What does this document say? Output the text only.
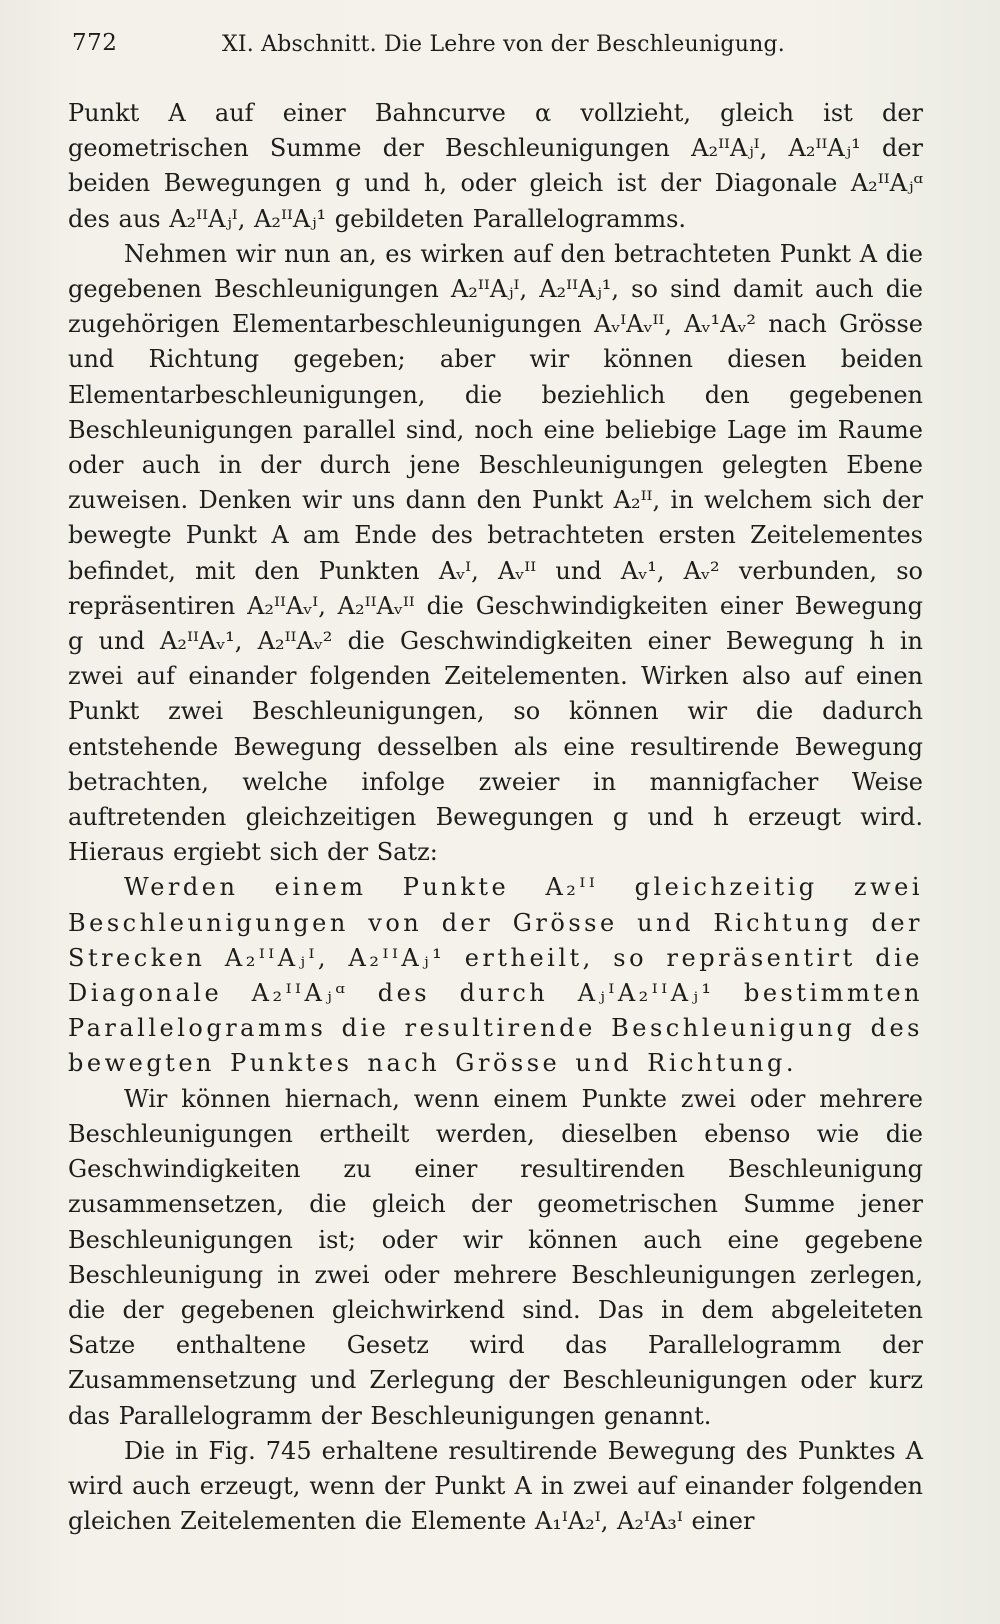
772	XI. Abschnitt. Die Lehre von der Beschleunigung.

Punkt A auf einer Bahncurve α vollzieht, gleich ist der geometrischen Summe der Beschleunigungen A₂ᴵᴵAⱼᴵ, A₂ᴵᴵAⱼ¹ der beiden Bewegungen g und h, oder gleich ist der Diagonale A₂ᴵᴵAⱼᵅ des aus A₂ᴵᴵAⱼᴵ, A₂ᴵᴵAⱼ¹ gebildeten Parallelogramms.

Nehmen wir nun an, es wirken auf den betrachteten Punkt A die gegebenen Beschleunigungen A₂ᴵᴵAⱼᴵ, A₂ᴵᴵAⱼ¹, so sind damit auch die zugehörigen Elementarbeschleunigungen AᵥᴵAᵥᴵᴵ, Aᵥ¹Aᵥ² nach Grösse und Richtung gegeben; aber wir können diesen beiden Elementarbeschleunigungen, die beziehlich den gegebenen Beschleunigungen parallel sind, noch eine beliebige Lage im Raume oder auch in der durch jene Beschleunigungen gelegten Ebene zuweisen. Denken wir uns dann den Punkt A₂ᴵᴵ, in welchem sich der bewegte Punkt A am Ende des betrachteten ersten Zeitelementes befindet, mit den Punkten Aᵥᴵ, Aᵥᴵᴵ und Aᵥ¹, Aᵥ² verbunden, so repräsentiren A₂ᴵᴵAᵥᴵ, A₂ᴵᴵAᵥᴵᴵ die Geschwindigkeiten einer Bewegung g und A₂ᴵᴵAᵥ¹, A₂ᴵᴵAᵥ² die Geschwindigkeiten einer Bewegung h in zwei auf einander folgenden Zeitelementen. Wirken also auf einen Punkt zwei Beschleunigungen, so können wir die dadurch entstehende Bewegung desselben als eine resultirende Bewegung betrachten, welche infolge zweier in mannigfacher Weise auftretenden gleichzeitigen Bewegungen g und h erzeugt wird. Hieraus ergiebt sich der Satz:

Werden einem Punkte A₂ᴵᴵ gleichzeitig zwei Beschleunigungen von der Grösse und Richtung der Strecken A₂ᴵᴵAⱼᴵ, A₂ᴵᴵAⱼ¹ ertheilt, so repräsentirt die Diagonale A₂ᴵᴵAⱼᵅ des durch AⱼᴵA₂ᴵᴵAⱼ¹ bestimmten Parallelogramms die resultirende Beschleunigung des bewegten Punktes nach Grösse und Richtung.

Wir können hiernach, wenn einem Punkte zwei oder mehrere Beschleunigungen ertheilt werden, dieselben ebenso wie die Geschwindigkeiten zu einer resultirenden Beschleunigung zusammensetzen, die gleich der geometrischen Summe jener Beschleunigungen ist; oder wir können auch eine gegebene Beschleunigung in zwei oder mehrere Beschleunigungen zerlegen, die der gegebenen gleichwirkend sind. Das in dem abgeleiteten Satze enthaltene Gesetz wird das Parallelogramm der Zusammensetzung und Zerlegung der Beschleunigungen oder kurz das Parallelogramm der Beschleunigungen genannt.

Die in Fig. 745 erhaltene resultirende Bewegung des Punktes A wird auch erzeugt, wenn der Punkt A in zwei auf einander folgenden gleichen Zeitelementen die Elemente A₁ᴵA₂ᴵ, A₂ᴵA₃ᴵ einer
